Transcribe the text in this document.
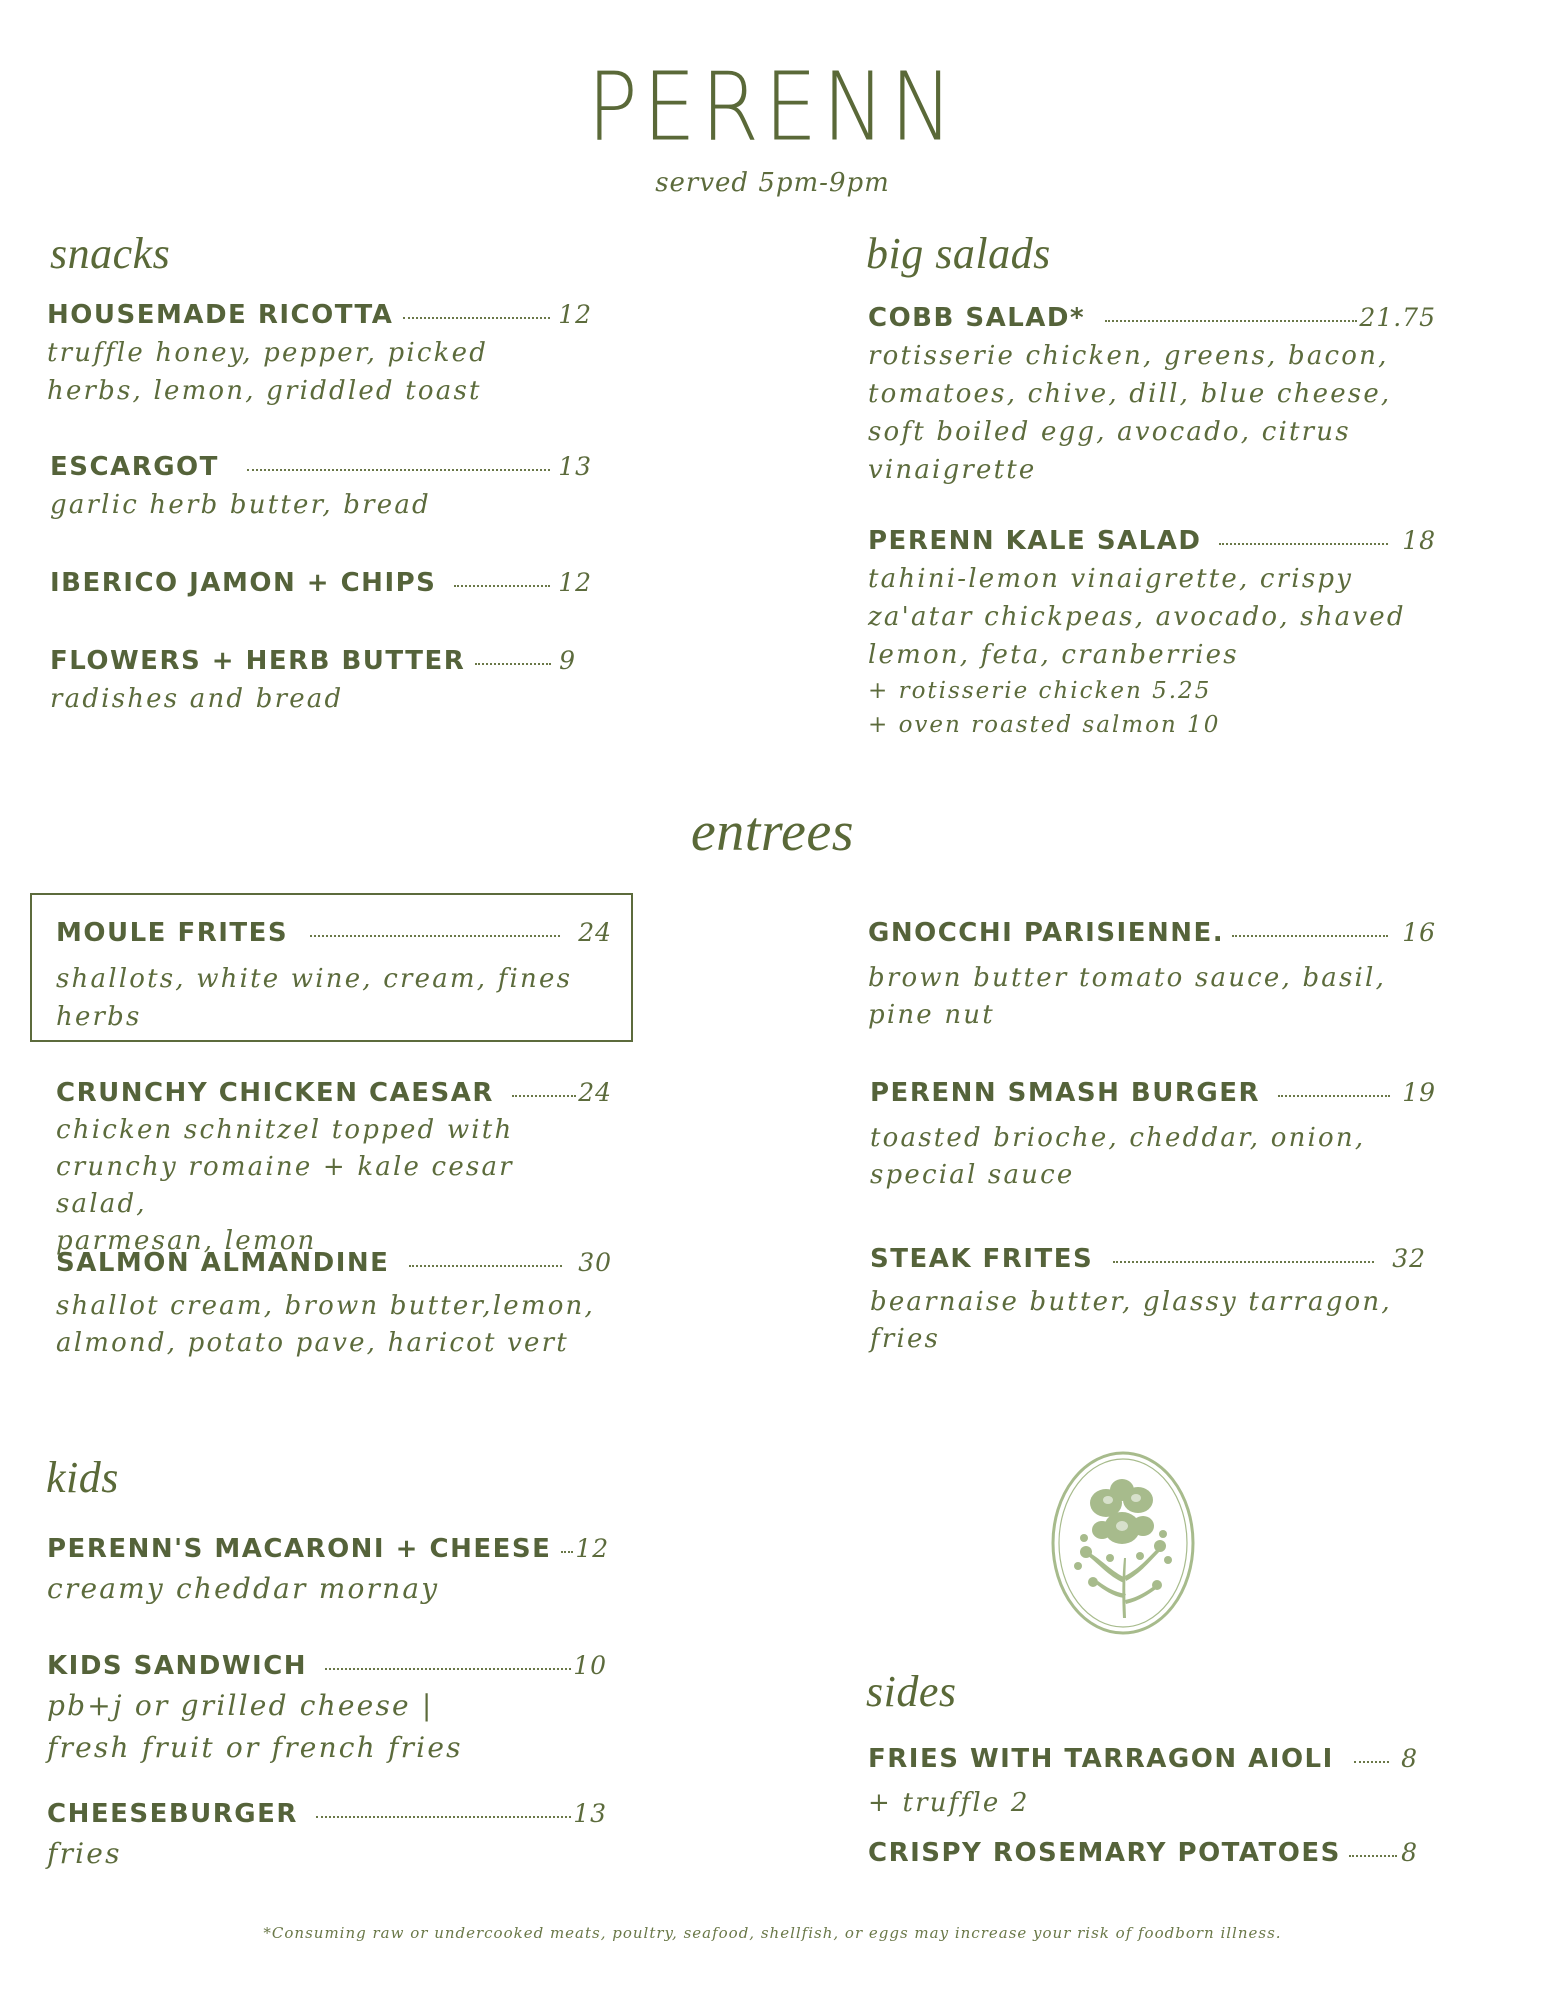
PERENN
served 5pm-9pm
snacks
HOUSEMADE RICOTTA	12
truffle honey, pepper, picked
herbs, lemon, griddled toast
ESCARGOT	13
garlic herb butter, bread
IBERICO JAMON + CHIPS	12
FLOWERS + HERB BUTTER	9
radishes and bread
big salads
COBB SALAD*	21.75
rotisserie chicken, greens, bacon,
tomatoes, chive, dill, blue cheese,
soft boiled egg, avocado, citrus
vinaigrette
PERENN KALE SALAD	18
tahini-lemon vinaigrette, crispy
za'atar chickpeas, avocado, shaved
lemon, feta, cranberries
+ rotisserie chicken 5.25
+ oven roasted salmon 10
entrees
MOULE FRITES	24
shallots, white wine, cream, fines
herbs
CRUNCHY CHICKEN CAESAR	24
chicken schnitzel topped with
crunchy romaine + kale cesar salad,
parmesan, lemon
SALMON ALMANDINE	30
shallot cream, brown butter,lemon,
almond, potato pave, haricot vert
GNOCCHI PARISIENNE.	16
brown butter tomato sauce, basil,
pine nut
PERENN SMASH BURGER	19
toasted brioche, cheddar, onion,
special sauce
STEAK FRITES	32
bearnaise butter, glassy tarragon,
fries
kids
PERENN'S MACARONI + CHEESE 12
creamy cheddar mornay
KIDS SANDWICH	10
pb+j or grilled cheese |
fresh fruit or french fries
CHEESEBURGER	13
fries
sides
FRIES WITH TARRAGON AIOLI	8
+ truffle 2
CRISPY ROSEMARY POTATOES 8
*Consuming raw or undercooked meats, poultry, seafood, shellfish, or eggs may increase your risk of foodborn illness.
